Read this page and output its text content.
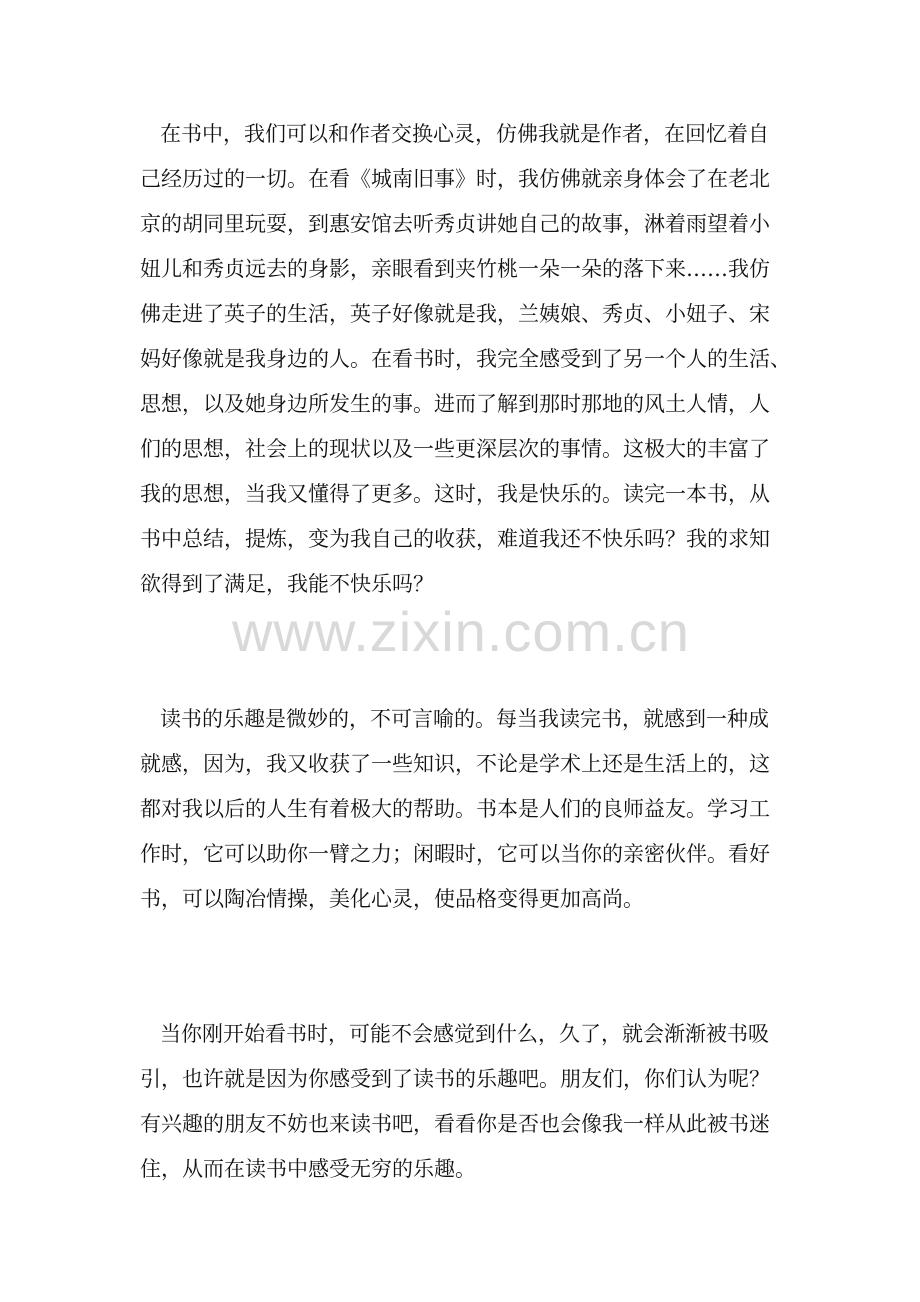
在书中，我们可以和作者交换心灵，仿佛我就是作者，在回忆着自

己经历过的一切。在看《城南旧事》时，我仿佛就亲身体会了在老北

京的胡同里玩耍，到惠安馆去听秀贞讲她自己的故事，淋着雨望着小

妞儿和秀贞远去的身影，亲眼看到夹竹桃一朵一朵的落下来……我仿

佛走进了英子的生活，英子好像就是我，兰姨娘、秀贞、小妞子、宋

妈好像就是我身边的人。在看书时，我完全感受到了另一个人的生活、

思想，以及她身边所发生的事。进而了解到那时那地的风土人情，人

们的思想，社会上的现状以及一些更深层次的事情。这极大的丰富了

我的思想，当我又懂得了更多。这时，我是快乐的。读完一本书，从

书中总结，提炼，变为我自己的收获，难道我还不快乐吗？我的求知

欲得到了满足，我能不快乐吗？

www.zixin.com.cn

读书的乐趣是微妙的，不可言喻的。每当我读完书，就感到一种成

就感，因为，我又收获了一些知识，不论是学术上还是生活上的，这

都对我以后的人生有着极大的帮助。书本是人们的良师益友。学习工

作时，它可以助你一臂之力；闲暇时，它可以当你的亲密伙伴。看好

书，可以陶冶情操，美化心灵，使品格变得更加高尚。

当你刚开始看书时，可能不会感觉到什么，久了，就会渐渐被书吸

引，也许就是因为你感受到了读书的乐趣吧。朋友们，你们认为呢？

有兴趣的朋友不妨也来读书吧，看看你是否也会像我一样从此被书迷

住，从而在读书中感受无穷的乐趣。
